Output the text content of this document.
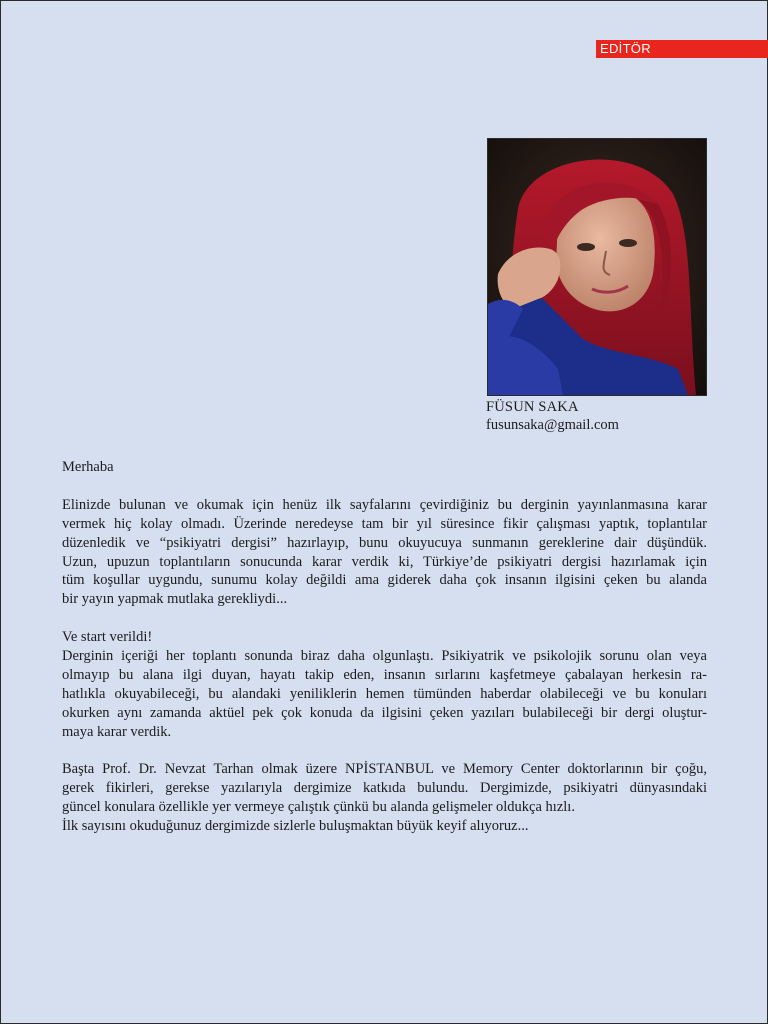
EDİTÖR
FÜSUN SAKA
fusunsaka@gmail.com

Merhaba

Elinizde bulunan ve okumak için henüz ilk sayfalarını çevirdiğiniz bu derginin yayınlanmasına karar
vermek hiç kolay olmadı. Üzerinde neredeyse tam bir yıl süresince fikir çalışması yaptık, toplantılar
düzenledik ve “psikiyatri dergisi” hazırlayıp, bunu okuyucuya sunmanın gereklerine dair düşündük.
Uzun, upuzun toplantıların sonucunda karar verdik ki, Türkiye’de psikiyatri dergisi hazırlamak için
tüm koşullar uygundu, sunumu kolay değildi ama giderek daha çok insanın ilgisini çeken bu alanda
bir yayın yapmak mutlaka gerekliydi...

Ve start verildi!
Derginin içeriği her toplantı sonunda biraz daha olgunlaştı. Psikiyatrik ve psikolojik sorunu olan veya
olmayıp bu alana ilgi duyan, hayatı takip eden, insanın sırlarını kaşfetmeye çabalayan herkesin ra-
hatlıkla okuyabileceği, bu alandaki yeniliklerin hemen tümünden haberdar olabileceği ve bu konuları
okurken aynı zamanda aktüel pek çok konuda da ilgisini çeken yazıları bulabileceği bir dergi oluştur-
maya karar verdik.

Başta Prof. Dr. Nevzat Tarhan olmak üzere NPİSTANBUL ve Memory Center doktorlarının bir çoğu,
gerek fikirleri, gerekse yazılarıyla dergimize katkıda bulundu. Dergimizde, psikiyatri dünyasındaki
güncel konulara özellikle yer vermeye çalıştık çünkü bu alanda gelişmeler oldukça hızlı.
İlk sayısını okuduğunuz dergimizde sizlerle buluşmaktan büyük keyif alıyoruz...
